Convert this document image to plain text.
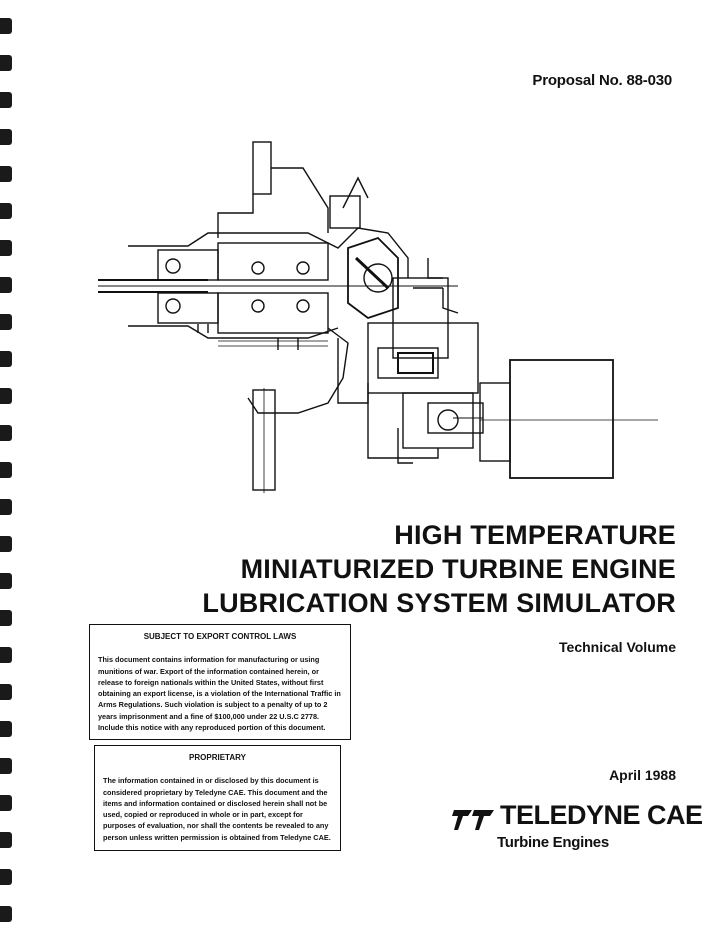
Proposal No. 88-030
HIGH TEMPERATURE
MINIATURIZED TURBINE ENGINE
LUBRICATION SYSTEM SIMULATOR
SUBJECT TO EXPORT CONTROL LAWS
This document contains information for manufacturing or using munitions of war. Export of the information contained herein, or release to foreign nationals within the United States, without first obtaining an export license, is a violation of the International Traffic in Arms Regulations. Such violation is subject to a penalty of up to 2 years imprisonment and a fine of $100,000 under 22 U.S.C 2778. Include this notice with any reproduced portion of this document.
Technical Volume
PROPRIETARY
The information contained in or disclosed by this document is considered proprietary by Teledyne CAE. This document and the items and information contained or disclosed herein shall not be used, copied or reproduced in whole or in part, except for purposes of evaluation, nor shall the contents be revealed to any person unless written permission is obtained from Teledyne CAE.
April 1988
TELEDYNE CAE
Turbine Engines
